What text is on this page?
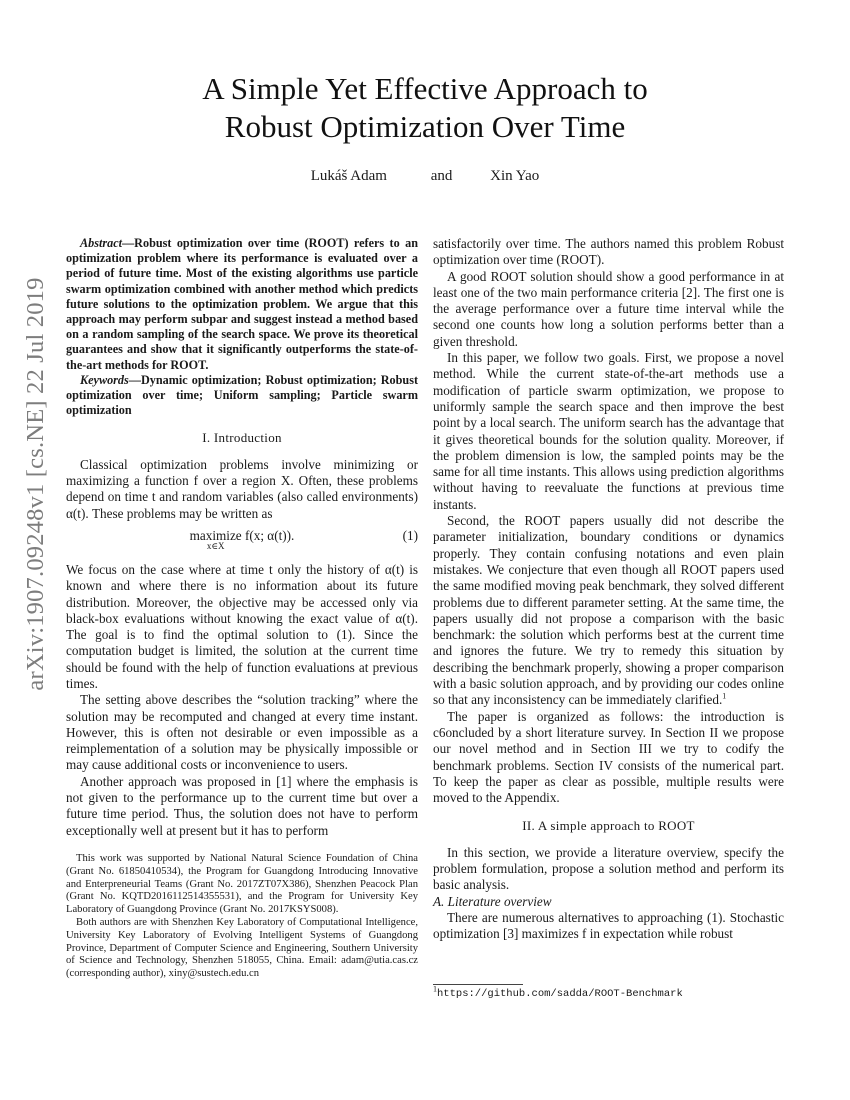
arXiv:1907.09248v1 [cs.NE] 22 Jul 2019
A Simple Yet Effective Approach to
Robust Optimization Over Time
Lukáš Adam	and	Xin Yao

Abstract—Robust optimization over time (ROOT) refers to an optimization problem where its performance is evaluated over a period of future time. Most of the existing algorithms use particle swarm optimization combined with another method which predicts future solutions to the optimization problem. We argue that this approach may perform subpar and suggest instead a method based on a random sampling of the search space. We prove its theoretical guarantees and show that it significantly outperforms the state-of-the-art methods for ROOT.

Keywords—Dynamic optimization; Robust optimization; Robust optimization over time; Uniform sampling; Particle swarm optimization

I. Introduction

Classical optimization problems involve minimizing or maximizing a function f over a region X. Often, these problems depend on time t and random variables (also called environments) α(t). These problems may be written as

maximize
x∈X
f(x; α(t)).	(1)

We focus on the case where at time t only the history of α(t) is known and where there is no information about its future distribution. Moreover, the objective may be accessed only via black-box evaluations without knowing the exact value of α(t). The goal is to find the optimal solution to (1). Since the computation budget is limited, the solution at the current time should be found with the help of function evaluations at previous times.

The setting above describes the “solution tracking” where the solution may be recomputed and changed at every time instant. However, this is often not desirable or even impossible as a reimplementation of a solution may be physically impossible or may cause additional costs or inconvenience to users.

Another approach was proposed in [1] where the emphasis is not given to the performance up to the current time but over a future time period. Thus, the solution does not have to perform exceptionally well at present but it has to perform

This work was supported by National Natural Science Foundation of China (Grant No. 61850410534), the Program for Guangdong Introducing Innovative and Enterpreneurial Teams (Grant No. 2017ZT07X386), Shenzhen Peacock Plan (Grant No. KQTD2016112514355531), and the Program for University Key Laboratory of Guangdong Province (Grant No. 2017KSYS008).

Both authors are with Shenzhen Key Laboratory of Computational Intelligence, University Key Laboratory of Evolving Intelligent Systems of Guangdong Province, Department of Computer Science and Engineering, Southern University of Science and Technology, Shenzhen 518055, China. Email: adam@utia.cas.cz (corresponding author), xiny@sustech.edu.cn

satisfactorily over time. The authors named this problem Robust optimization over time (ROOT).

A good ROOT solution should show a good performance in at least one of the two main performance criteria [2]. The first one is the average performance over a future time interval while the second one counts how long a solution performs better than a given threshold.

In this paper, we follow two goals. First, we propose a novel method. While the current state-of-the-art methods use a modification of particle swarm optimization, we propose to uniformly sample the search space and then improve the best point by a local search. The uniform search has the advantage that it gives theoretical bounds for the solution quality. Moreover, if the problem dimension is low, the sampled points may be the same for all time instants. This allows using prediction algorithms without having to reevaluate the functions at previous time instants.

Second, the ROOT papers usually did not describe the parameter initialization, boundary conditions or dynamics properly. They contain confusing notations and even plain mistakes. We conjecture that even though all ROOT papers used the same modified moving peak benchmark, they solved different problems due to different parameter setting. At the same time, the papers usually did not propose a comparison with the basic benchmark: the solution which performs best at the current time and ignores the future. We try to remedy this situation by describing the benchmark properly, showing a proper comparison with a basic solution approach, and by providing our codes online so that any inconsistency can be immediately clarified.$^1$

The paper is organized as follows: the introduction is c6oncluded by a short literature survey. In Section II we propose our novel method and in Section III we try to codify the benchmark problems. Section IV consists of the numerical part. To keep the paper as clear as possible, multiple results were moved to the Appendix.

II. A simple approach to ROOT

In this section, we provide a literature overview, specify the problem formulation, propose a solution method and perform its basic analysis.

A. Literature overview

There are numerous alternatives to approaching (1). Stochastic optimization [3] maximizes f in expectation while robust

$^1$https://github.com/sadda/ROOT-Benchmark
